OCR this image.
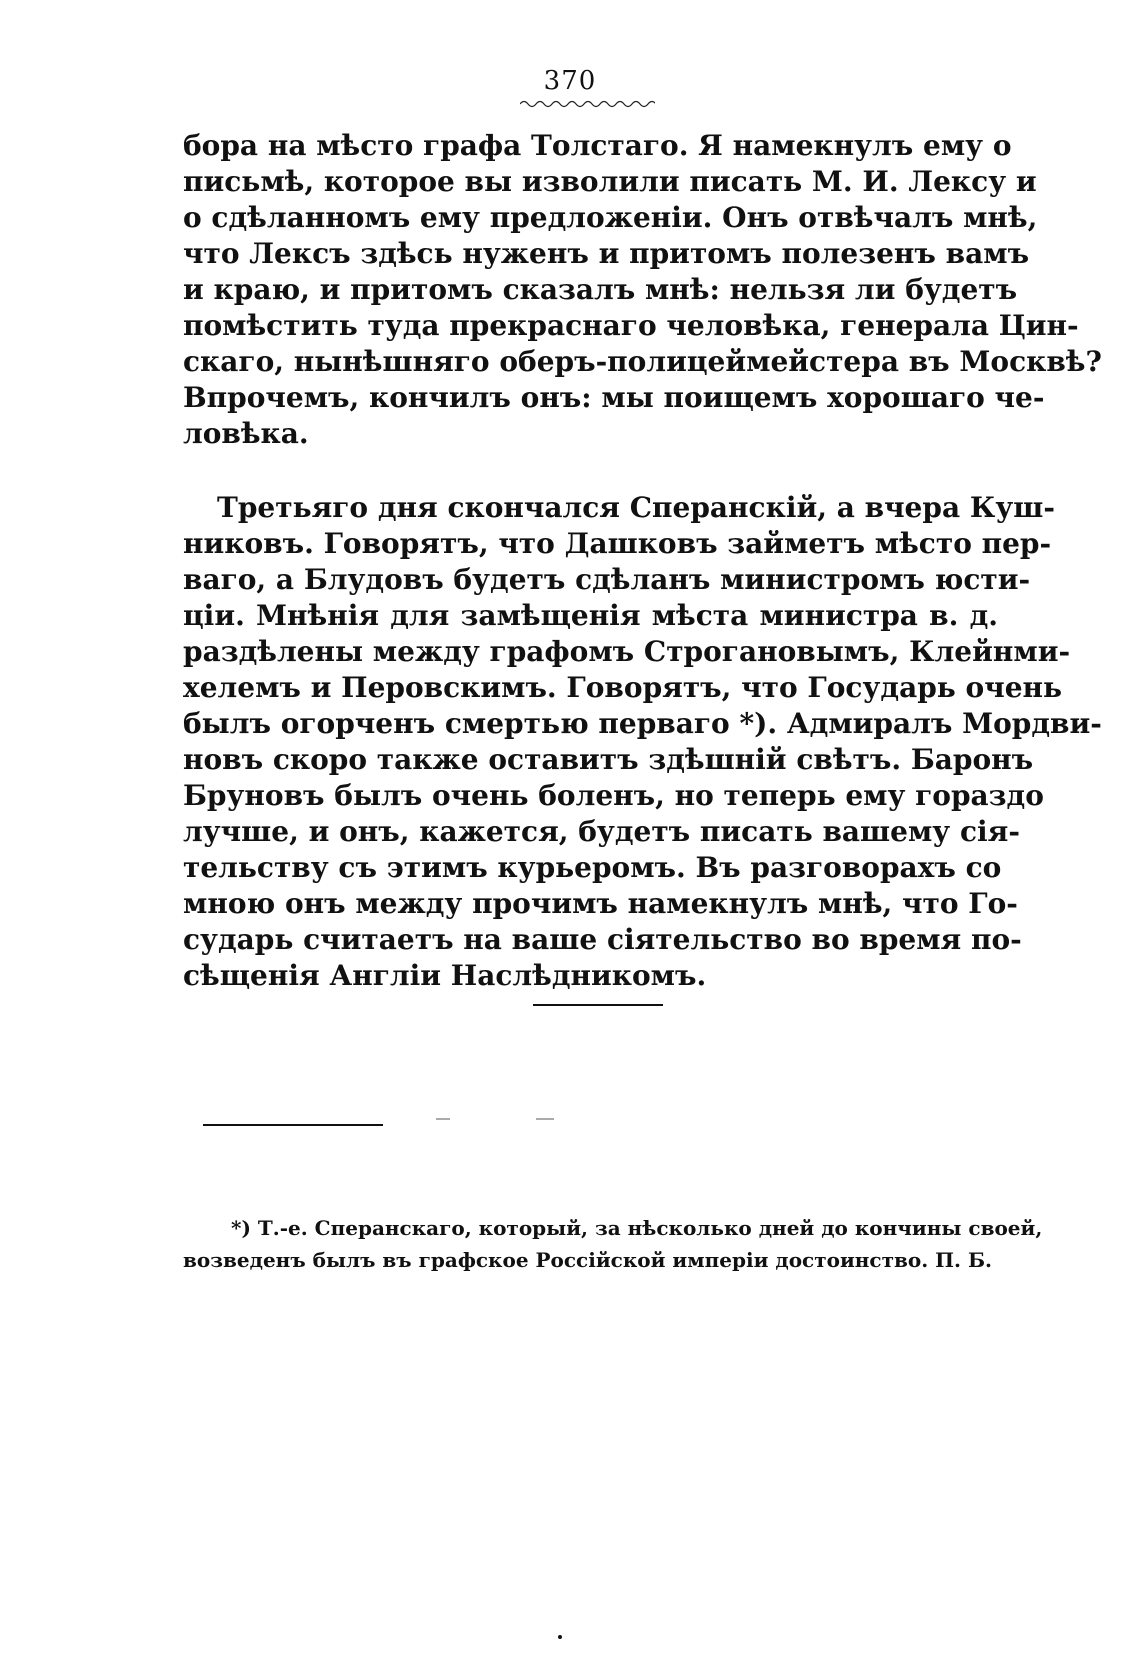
370
бора на мѣсто графа Толстаго. Я намекнулъ ему о
письмѣ, которое вы изволили писать М. И. Лексу и
о сдѣланномъ ему предложеніи. Онъ отвѣчалъ мнѣ,
что Лексъ здѣсь нуженъ и притомъ полезенъ вамъ
и краю, и притомъ сказалъ мнѣ: нельзя ли будетъ
помѣстить туда прекраснаго человѣка, генерала Цин-
скаго, нынѣшняго оберъ-полицеймейстера въ Москвѣ?
Впрочемъ, кончилъ онъ: мы поищемъ хорошаго че-
ловѣка.
Третьяго дня скончался Сперанскій, а вчера Куш-
никовъ. Говорятъ, что Дашковъ займетъ мѣсто пер-
ваго, а Блудовъ будетъ сдѣланъ министромъ юсти-
ціи. Мнѣнія для замѣщенія мѣста министра в. д.
раздѣлены между графомъ Строгановымъ, Клейнми-
хелемъ и Перовскимъ. Говорятъ, что Государь очень
былъ огорченъ смертью перваго *). Адмиралъ Мордви-
новъ скоро также оставитъ здѣшній свѣтъ. Баронъ
Бруновъ былъ очень боленъ, но теперь ему гораздо
лучше, и онъ, кажется, будетъ писать вашему сія-
тельству съ этимъ курьеромъ. Въ разговорахъ со
мною онъ между прочимъ намекнулъ мнѣ, что Го-
сударь считаетъ на ваше сіятельство во время по-
сѣщенія Англіи Наслѣдникомъ.
*) Т.-е. Сперанскаго, который, за нѣсколько дней до кончины своей,
возведенъ былъ въ графское Россійской имперіи достоинство. П. Б.
